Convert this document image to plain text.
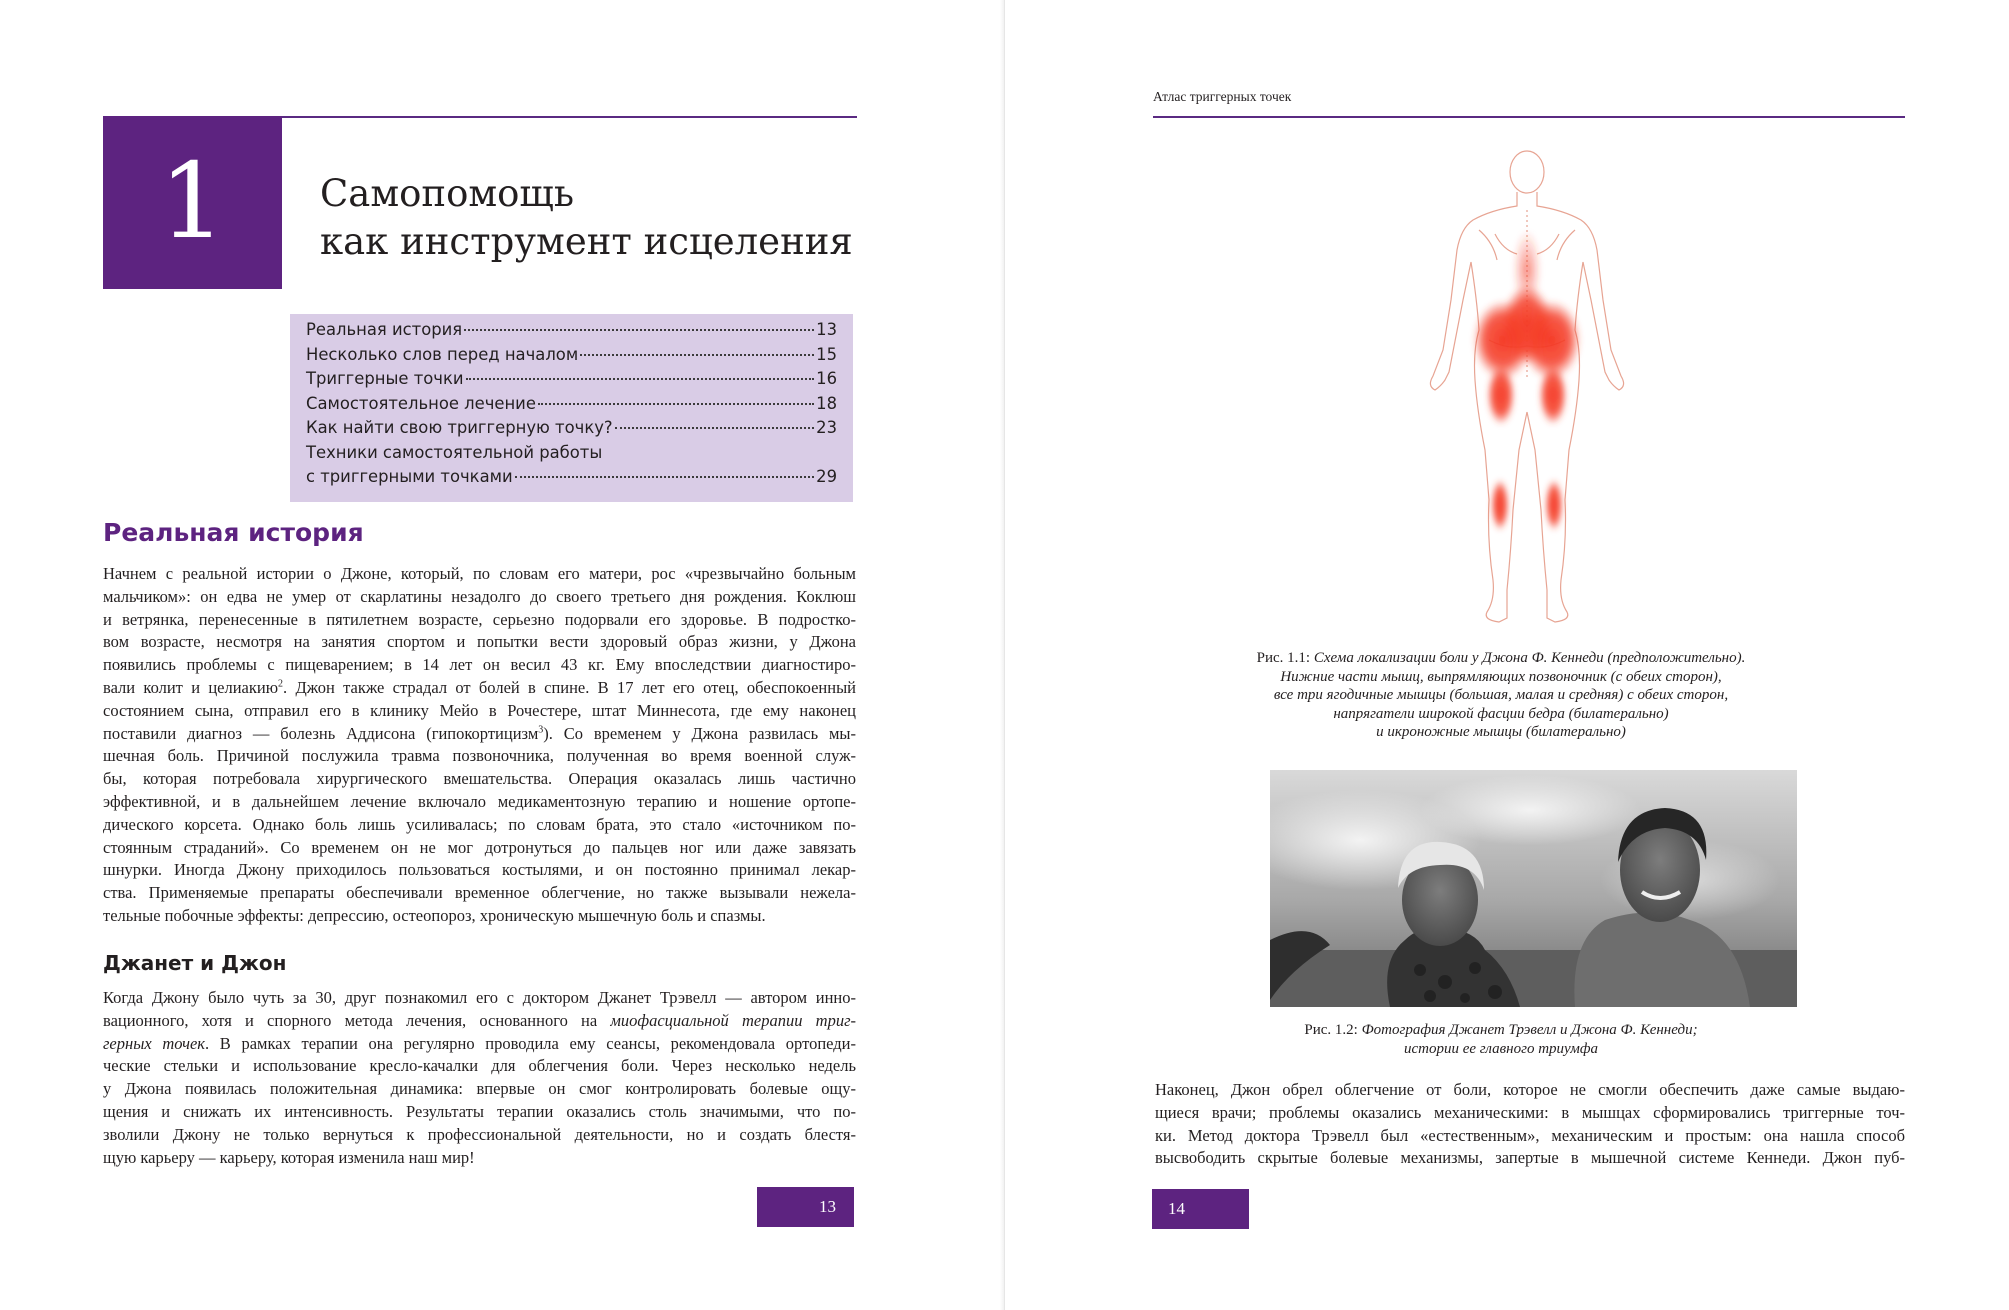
1	Самопомощь
как инструмент исцеления
Реальная история	13
Несколько слов перед началом	15
Триггерные точки	16
Самостоятельное лечение	18
Как найти свою триггерную точку?	23
Техники самостоятельной работы
с триггерными точками	29
Реальная история
Начнем с реальной истории о Джоне, который, по словам его матери, рос «чрезвычайно больным
мальчиком»: он едва не умер от скарлатины незадолго до своего третьего дня рождения. Коклюш
и ветрянка, перенесенные в пятилетнем возрасте, серьезно подорвали его здоровье. В подростко-
вом возрасте, несмотря на занятия спортом и попытки вести здоровый образ жизни, у Джона
появились проблемы с пищеварением; в 14 лет он весил 43 кг. Ему впоследствии диагностиро-
вали колит и целиакию$^2$. Джон также страдал от болей в спине. В 17 лет его отец, обеспокоенный
состоянием сына, отправил его в клинику Мейо в Рочестере, штат Миннесота, где ему наконец
поставили диагноз — болезнь Аддисона (гипокортицизм$^3$). Со временем у Джона развилась мы-
шечная боль. Причиной послужила травма позвоночника, полученная во время военной служ-
бы, которая потребовала хирургического вмешательства. Операция оказалась лишь частично
эффективной, и в дальнейшем лечение включало медикаментозную терапию и ношение ортопе-
дического корсета. Однако боль лишь усиливалась; по словам брата, это стало «источником по-
стоянным страданий». Со временем он не мог дотронуться до пальцев ног или даже завязать
шнурки. Иногда Джону приходилось пользоваться костылями, и он постоянно принимал лекар-
ства. Применяемые препараты обеспечивали временное облегчение, но также вызывали нежела-
тельные побочные эффекты: депрессию, остеопороз, хроническую мышечную боль и спазмы.
Джанет и Джон
Когда Джону было чуть за 30, друг познакомил его с доктором Джанет Трэвелл — автором инно-
вационного, хотя и спорного метода лечения, основанного на миофасциальной терапии триг-
герных точек. В рамках терапии она регулярно проводила ему сеансы, рекомендовала ортопеди-
ческие стельки и использование кресло-качалки для облегчения боли. Через несколько недель
у Джона появилась положительная динамика: впервые он смог контролировать болевые ощу-
щения и снижать их интенсивность. Результаты терапии оказались столь значимыми, что по-
зволили Джону не только вернуться к профессиональной деятельности, но и создать блестя-
щую карьеру — карьеру, которая изменила наш мир!
13
Атлас триггерных точек
Рис. 1.1: Схема локализации боли у Джона Ф. Кеннеди (предположительно).
Нижние части мышц, выпрямляющих позвоночник (с обеих сторон),
все три ягодичные мышцы (большая, малая и средняя) с обеих сторон,
напрягатели широкой фасции бедра (билатерально)
и икроножные мышцы (билатерально)
Рис. 1.2: Фотография Джанет Трэвелл и Джона Ф. Кеннеди;
истории ее главного триумфа
Наконец, Джон обрел облегчение от боли, которое не смогли обеспечить даже самые выдаю-
щиеся врачи; проблемы оказались механическими: в мышцах сформировались триггерные точ-
ки. Метод доктора Трэвелл был «естественным», механическим и простым: она нашла способ
высвободить скрытые болевые механизмы, запертые в мышечной системе Кеннеди. Джон пуб-
14
